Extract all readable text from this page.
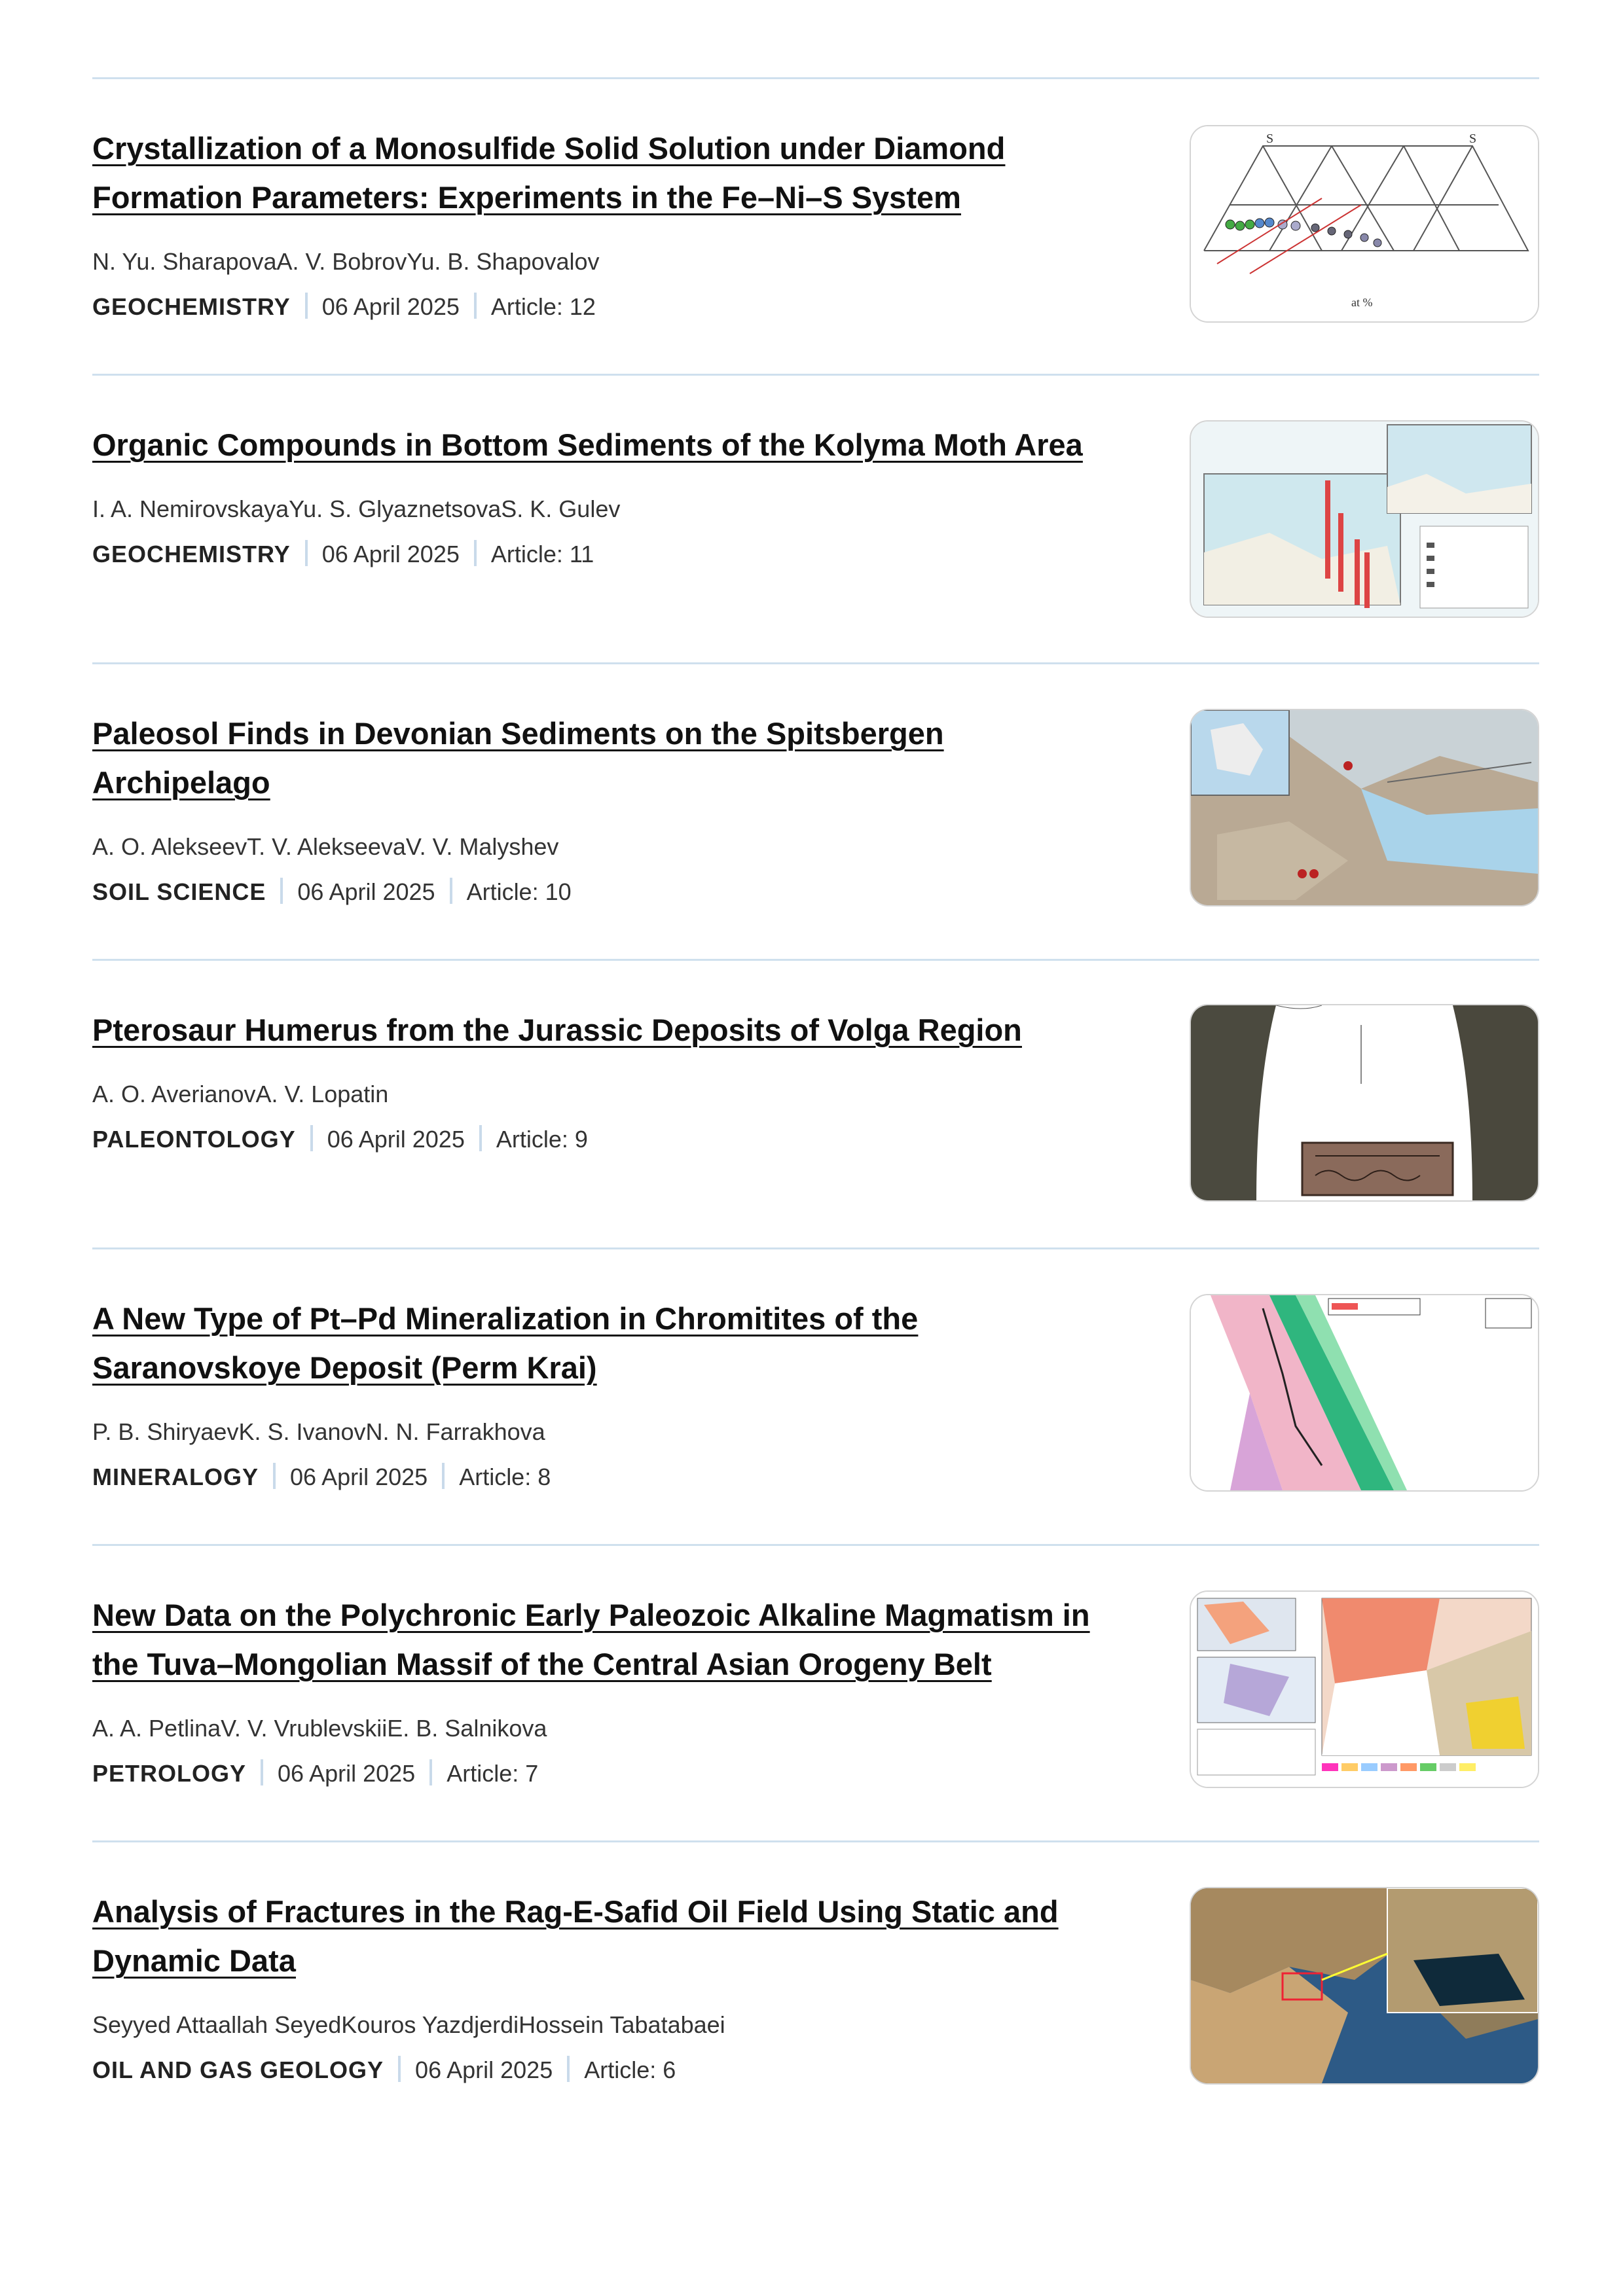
Crystallization of a Monosulfide Solid Solution under Diamond Formation Parameters: Experiments in the Fe–Ni–S System
N. Yu. SharapovaA. V. BobrovYu. B. Shapovalov
GEOCHEMISTRY 06 April 2025 Article: 12
S	S
at %
Organic Compounds in Bottom Sediments of the Kolyma Moth Area
I. A. NemirovskayaYu. S. GlyaznetsovaS. K. Gulev
GEOCHEMISTRY 06 April 2025 Article: 11
Paleosol Finds in Devonian Sediments on the Spitsbergen Archipelago
A. O. AlekseevT. V. AlekseevaV. V. Malyshev
SOIL SCIENCE 06 April 2025 Article: 10
Pterosaur Humerus from the Jurassic Deposits of Volga Region
A. O. AverianovA. V. Lopatin
PALEONTOLOGY 06 April 2025 Article: 9
A New Type of Pt–Pd Mineralization in Chromitites of the Saranovskoye Deposit (Perm Krai)
P. B. ShiryaevK. S. IvanovN. N. Farrakhova
MINERALOGY 06 April 2025 Article: 8
New Data on the Polychronic Early Paleozoic Alkaline Magmatism in the Tuva–Mongolian Massif of the Central Asian Orogeny Belt
A. A. PetlinaV. V. VrublevskiiE. B. Salnikova
PETROLOGY 06 April 2025 Article: 7
Analysis of Fractures in the Rag-E-Safid Oil Field Using Static and Dynamic Data
Seyyed Attaallah SeyedKouros YazdjerdiHossein Tabatabaei
OIL AND GAS GEOLOGY 06 April 2025 Article: 6
